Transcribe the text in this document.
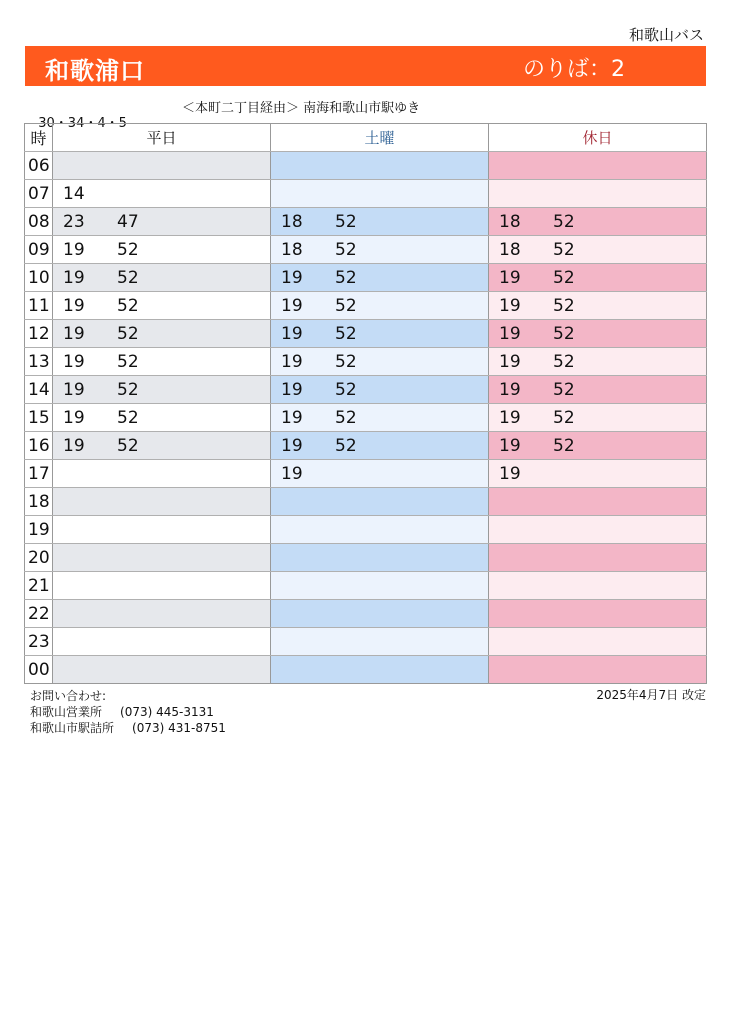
和歌山バス
和歌浦口	のりば：2

30・34・4・5

＜本町二丁目経由＞ 南海和歌山市駅ゆき

時	平日	土曜	休日
06	

07	14		

08	23 47	18 52	18 52

09	19 52	18 52	18 52

10	19 52	19 52	19 52

11	19 52	19 52	19 52

12	19 52	19 52	19 52

13	19 52	19 52	19 52

14	19 52	19 52	19 52

15	19 52	19 52	19 52

16	19 52	19 52	19 52

17		19	19

18	

19	

20	

21	

22	

23	

00	

お問い合わせ:
和歌山営業所 (073) 445-3131
和歌山市駅詰所 (073) 431-8751
2025年4月7日 改定
